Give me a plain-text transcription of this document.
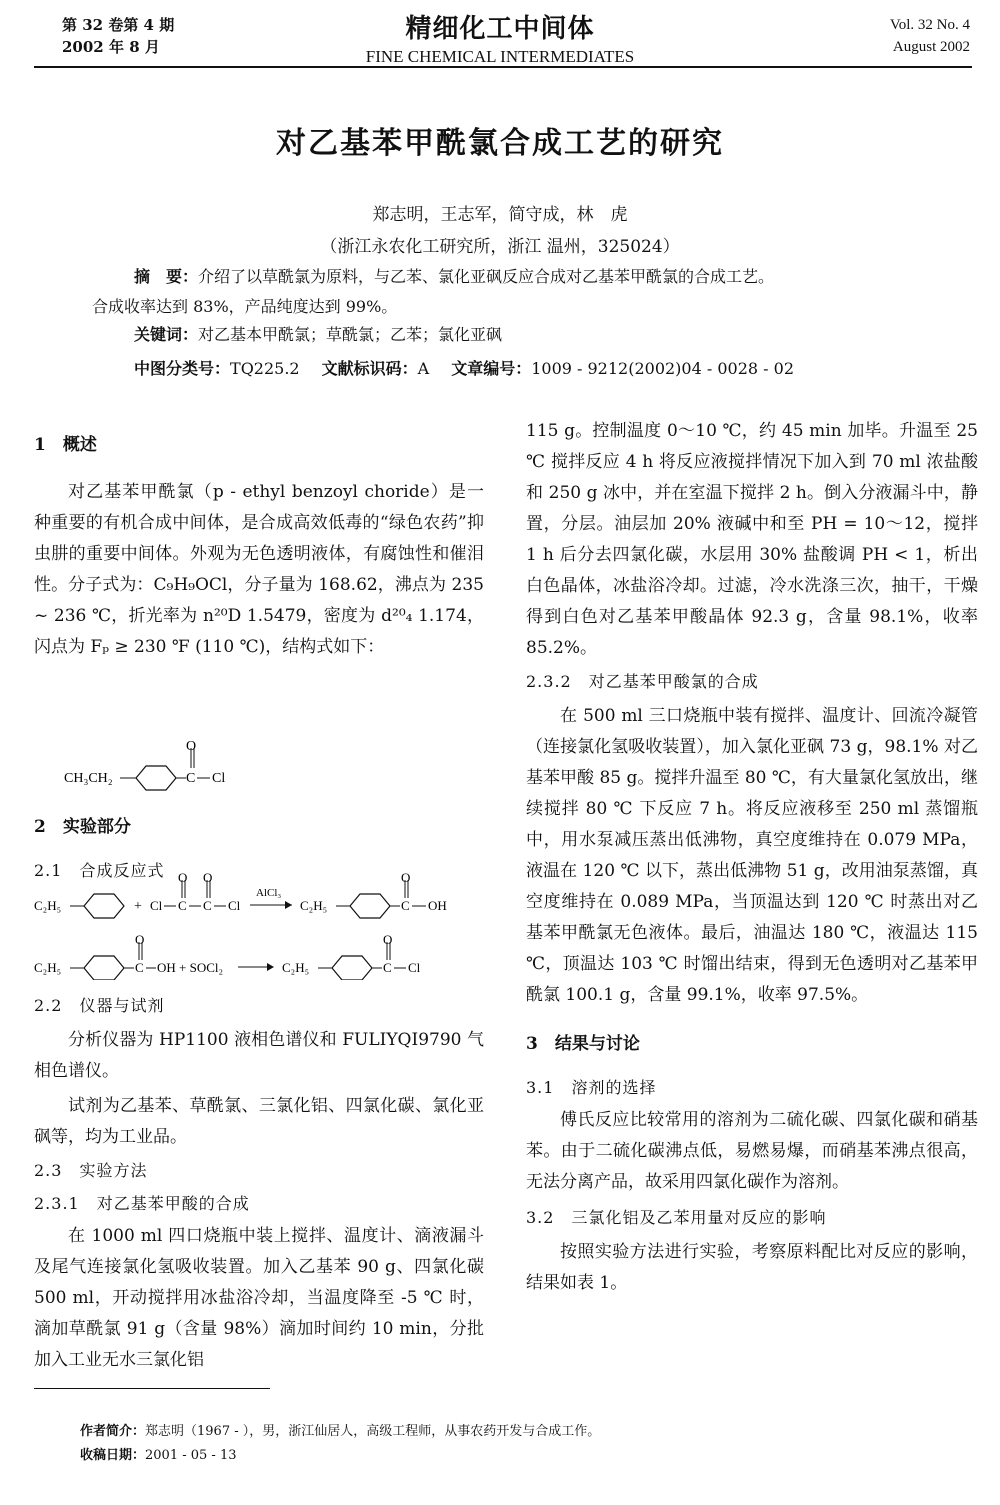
第 32 卷第 4 期
2002 年 8 月
精细化工中间体
FINE CHEMICAL INTERMEDIATES
Vol. 32 No. 4
August 2002
对乙基苯甲酰氯合成工艺的研究
郑志明，王志军，简守成，林　虎
（浙江永农化工研究所，浙江 温州，325024）
摘　要：介绍了以草酰氯为原料，与乙苯、氯化亚砜反应合成对乙基苯甲酰氯的合成工艺。
合成收率达到 83%，产品纯度达到 99%。
关键词：对乙基本甲酰氯；草酰氯；乙苯；氯化亚砜
中图分类号：TQ225.2 文献标识码：A 文章编号：1009 - 9212(2002)04 - 0028 - 02
1　概述

对乙基苯甲酰氯（p - ethyl benzoyl choride）是一种重要的有机合成中间体，是合成高效低毒的“绿色农药”抑虫肼的重要中间体。外观为无色透明液体，有腐蚀性和催泪性。分子式为：C₉H₉OCl，分子量为 168.62，沸点为 235 ~ 236 ℃，折光率为 n²⁰D 1.5479，密度为 d²⁰₄ 1.174，闪点为 Fₚ ≥ 230 ℉ (110 ℃)，结构式如下：

CH₃CH₂	C
O
Cl
2　实验部分
2.1　合成反应式
C₂H₅	+ Cl C
O
C
O
Cl
AlCl₃
C₂H₅	C
O
OH
C₂H₅	C
O
OH + SOCl₂	C₂H₅	C
O
Cl
2.2　仪器与试剂

分析仪器为 HP1100 液相色谱仪和 FULIYQI9790 气相色谱仪。

试剂为乙基苯、草酰氯、三氯化铝、四氯化碳、氯化亚砜等，均为工业品。

2.3　实验方法
2.3.1　对乙基苯甲酸的合成

在 1000 ml 四口烧瓶中装上搅拌、温度计、滴液漏斗及尾气连接氯化氢吸收装置。加入乙基苯 90 g、四氯化碳 500 ml，开动搅拌用冰盐浴冷却，当温度降至 -5 ℃ 时，滴加草酰氯 91 g（含量 98%）滴加时间约 10 min，分批加入工业无水三氯化铝

115 g。控制温度 0～10 ℃，约 45 min 加毕。升温至 25 ℃ 搅拌反应 4 h 将反应液搅拌情况下加入到 70 ml 浓盐酸和 250 g 冰中，并在室温下搅拌 2 h。倒入分液漏斗中，静置，分层。油层加 20% 液碱中和至 PH = 10～12，搅拌 1 h 后分去四氯化碳，水层用 30% 盐酸调 PH < 1，析出白色晶体，冰盐浴冷却。过滤，冷水洗涤三次，抽干，干燥得到白色对乙基苯甲酸晶体 92.3 g，含量 98.1%，收率 85.2%。

2.3.2　对乙基苯甲酸氯的合成

在 500 ml 三口烧瓶中装有搅拌、温度计、回流冷凝管（连接氯化氢吸收装置），加入氯化亚砜 73 g，98.1% 对乙基苯甲酸 85 g。搅拌升温至 80 ℃，有大量氯化氢放出，继续搅拌 80 ℃ 下反应 7 h。将反应液移至 250 ml 蒸馏瓶中，用水泵减压蒸出低沸物，真空度维持在 0.079 MPa，液温在 120 ℃ 以下，蒸出低沸物 51 g，改用油泵蒸馏，真空度维持在 0.089 MPa，当顶温达到 120 ℃ 时蒸出对乙基苯甲酰氯无色液体。最后，油温达 180 ℃，液温达 115 ℃，顶温达 103 ℃ 时馏出结束，得到无色透明对乙基苯甲酰氯 100.1 g，含量 99.1%，收率 97.5%。

3　结果与讨论
3.1　溶剂的选择

傅氏反应比较常用的溶剂为二硫化碳、四氯化碳和硝基苯。由于二硫化碳沸点低，易燃易爆，而硝基苯沸点很高，无法分离产品，故采用四氯化碳作为溶剂。

3.2　三氯化铝及乙苯用量对反应的影响

按照实验方法进行实验，考察原料配比对反应的影响，结果如表 1。

作者简介：郑志明（1967 - ），男，浙江仙居人，高级工程师，从事农药开发与合成工作。
收稿日期：2001 - 05 - 13
